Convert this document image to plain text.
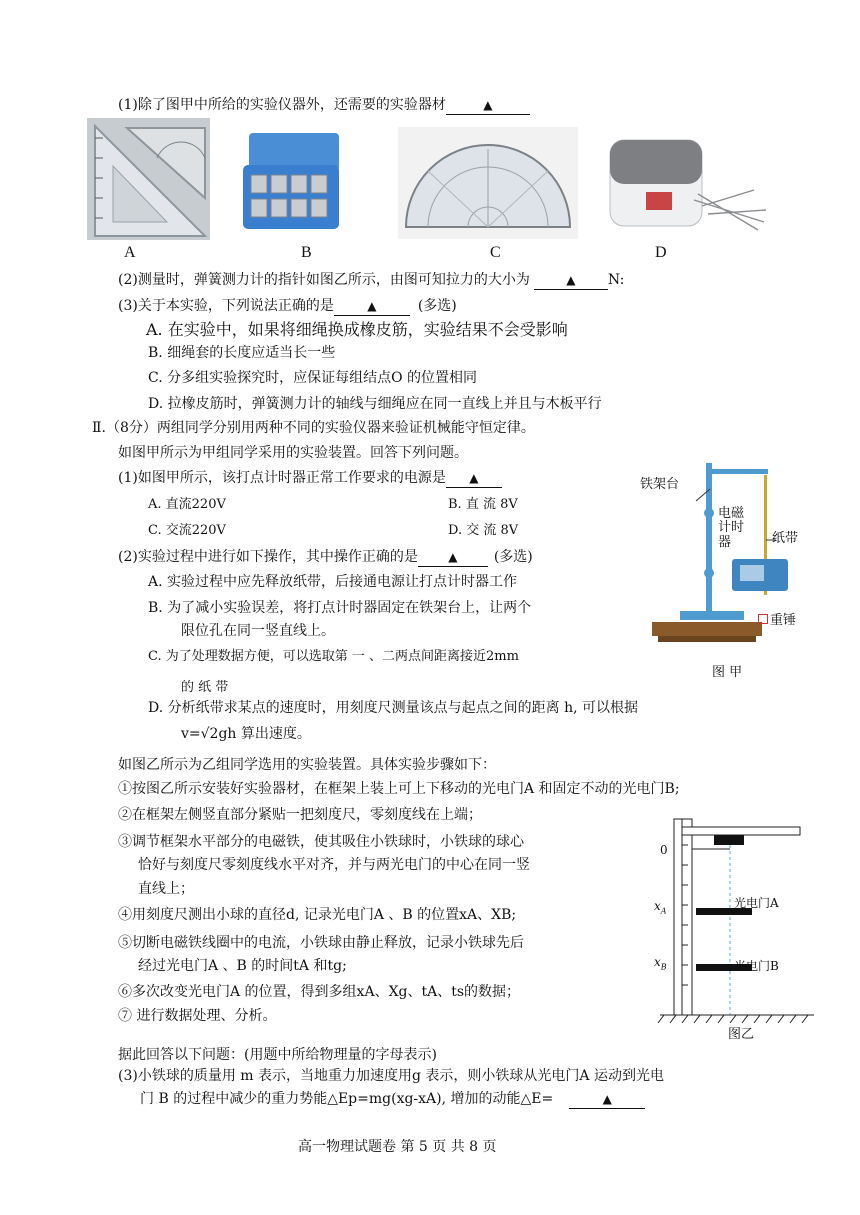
(1)除了图甲中所给的实验仪器外，还需要的实验器材	▲
A	B	C	D
(2)测量时，弹簧测力计的指针如图乙所示，由图可知拉力的大小为	▲ N:
(3)关于本实验，下列说法正确的是	▲	(多选)
A. 在实验中，如果将细绳换成橡皮筋，实验结果不会受影响
B. 细绳套的长度应适当长一些
C. 分多组实验探究时，应保证每组结点O 的位置相同
D. 拉橡皮筋时，弹簧测力计的轴线与细绳应在同一直线上并且与木板平行
Ⅱ.（8分）两组同学分别用两种不同的实验仪器来验证机械能守恒定律。
如图甲所示为甲组同学采用的实验装置。回答下列问题。
(1)如图甲所示，该打点计时器正常工作要求的电源是 ▲
A. 直流220V	B. 直 流 8V
C. 交流220V	D. 交 流 8V
(2)实验过程中进行如下操作，其中操作正确的是	▲	(多选)
A. 实验过程中应先释放纸带，后接通电源让打点计时器工作
B. 为了减小实验误差，将打点计时器固定在铁架台上，让两个
限位孔在同一竖直线上。
C. 为了处理数据方便，可以选取第 一 、二两点间距离接近2mm
的 纸 带
D. 分析纸带求某点的速度时，用刻度尺测量该点与起点之间的距离 h, 可以根据
v=√2gh 算出速度。
铁架台
电磁
计时
器	纸带
重锤
图 甲
如图乙所示为乙组同学选用的实验装置。具体实验步骤如下：
①按图乙所示安装好实验器材，在框架上装上可上下移动的光电门A 和固定不动的光电门B;
②在框架左侧竖直部分紧贴一把刻度尺，零刻度线在上端；
③调节框架水平部分的电磁铁，使其吸住小铁球时，小铁球的球心
恰好与刻度尺零刻度线水平对齐，并与两光电门的中心在同一竖
直线上；
④用刻度尺测出小球的直径d, 记录光电门A 、B 的位置xA、XB;
⑤切断电磁铁线圈中的电流，小铁球由静止释放，记录小铁球先后
经过光电门A 、B 的时间tA 和tg;
⑥多次改变光电门A 的位置，得到多组xA、Xg、tA、ts的数据；
⑦ 进行数据处理、分析。
0
$x_A$
$x_B$
光电门A
光电门B
图乙
据此回答以下问题：(用题中所给物理量的字母表示)
(3)小铁球的质量用 m 表示，当地重力加速度用g 表示，则小铁球从光电门A 运动到光电
门 B 的过程中减少的重力势能△Ep=mg(xg-xA), 增加的动能△E=	▲
高一物理试题卷 第 5 页 共 8 页
